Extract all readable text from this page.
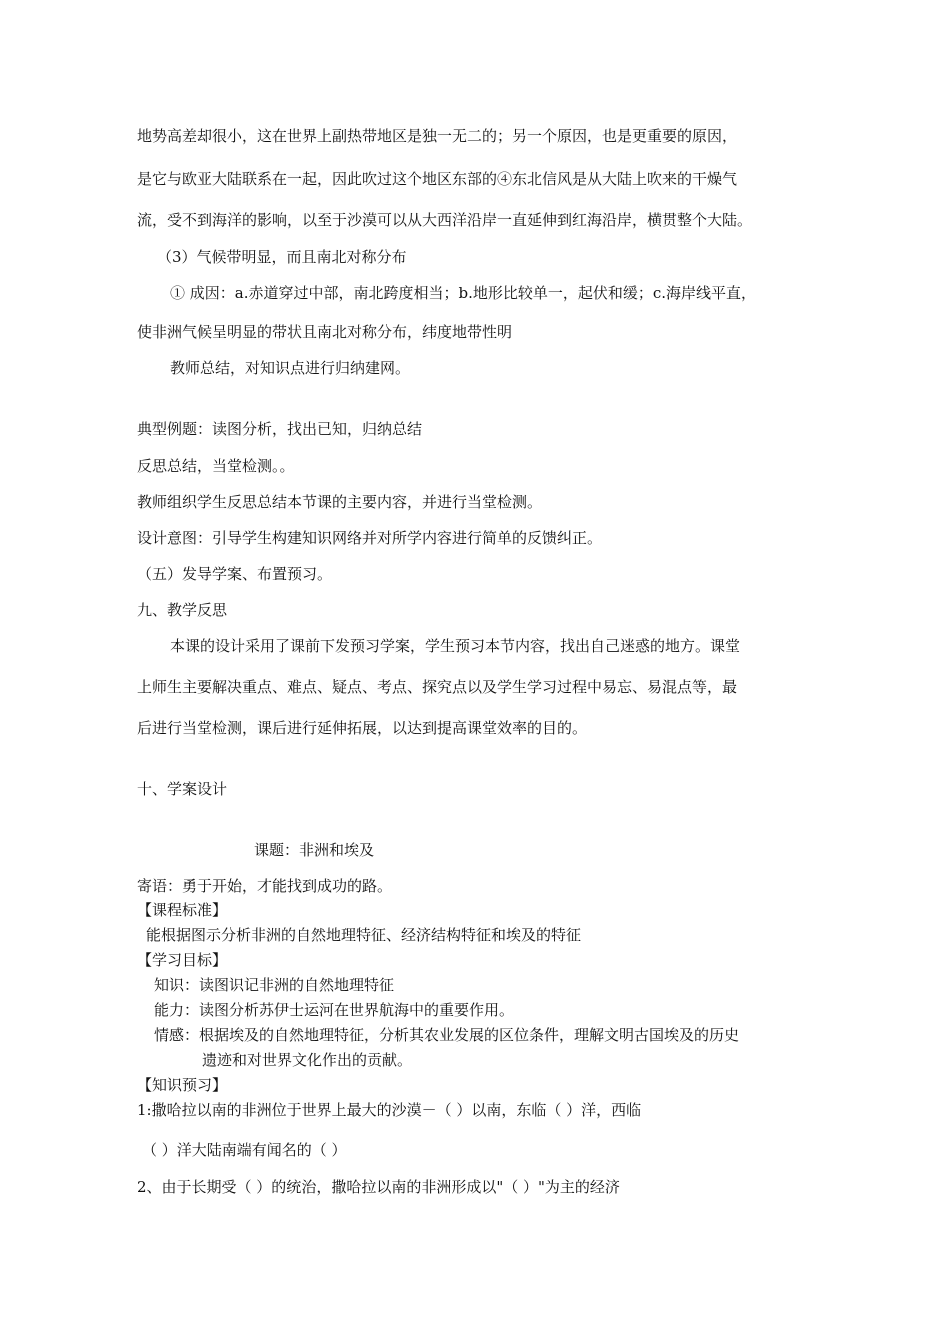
地势高差却很小，这在世界上副热带地区是独一无二的；另一个原因，也是更重要的原因，
是它与欧亚大陆联系在一起，因此吹过这个地区东部的④东北信风是从大陆上吹来的干燥气
流，受不到海洋的影响，以至于沙漠可以从大西洋沿岸一直延伸到红海沿岸，横贯整个大陆。
（3）气候带明显，而且南北对称分布
① 成因：a.赤道穿过中部，南北跨度相当；b.地形比较单一，起伏和缓；c.海岸线平直，
使非洲气候呈明显的带状且南北对称分布，纬度地带性明
教师总结，对知识点进行归纳建网。
典型例题：读图分析，找出已知，归纳总结
反思总结，当堂检测。。
教师组织学生反思总结本节课的主要内容，并进行当堂检测。
设计意图：引导学生构建知识网络并对所学内容进行简单的反馈纠正。
（五）发导学案、布置预习。
九、教学反思
本课的设计采用了课前下发预习学案，学生预习本节内容，找出自己迷惑的地方。课堂
上师生主要解决重点、难点、疑点、考点、探究点以及学生学习过程中易忘、易混点等，最
后进行当堂检测，课后进行延伸拓展，以达到提高课堂效率的目的。
十、学案设计
课题：非洲和埃及
寄语：勇于开始，才能找到成功的路。
【课程标准】
能根据图示分析非洲的自然地理特征、经济结构特征和埃及的特征
【学习目标】
知识：读图识记非洲的自然地理特征
能力：读图分析苏伊士运河在世界航海中的重要作用。
情感：根据埃及的自然地理特征，分析其农业发展的区位条件，理解文明古国埃及的历史
遗迹和对世界文化作出的贡献。
【知识预习】
1:撒哈拉以南的非洲位于世界上最大的沙漠－（ ）以南，东临（ ）洋，西临
（ ）洋大陆南端有闻名的（ ）
2、由于长期受（ ）的统治，撒哈拉以南的非洲形成以"（ ）"为主的经济
